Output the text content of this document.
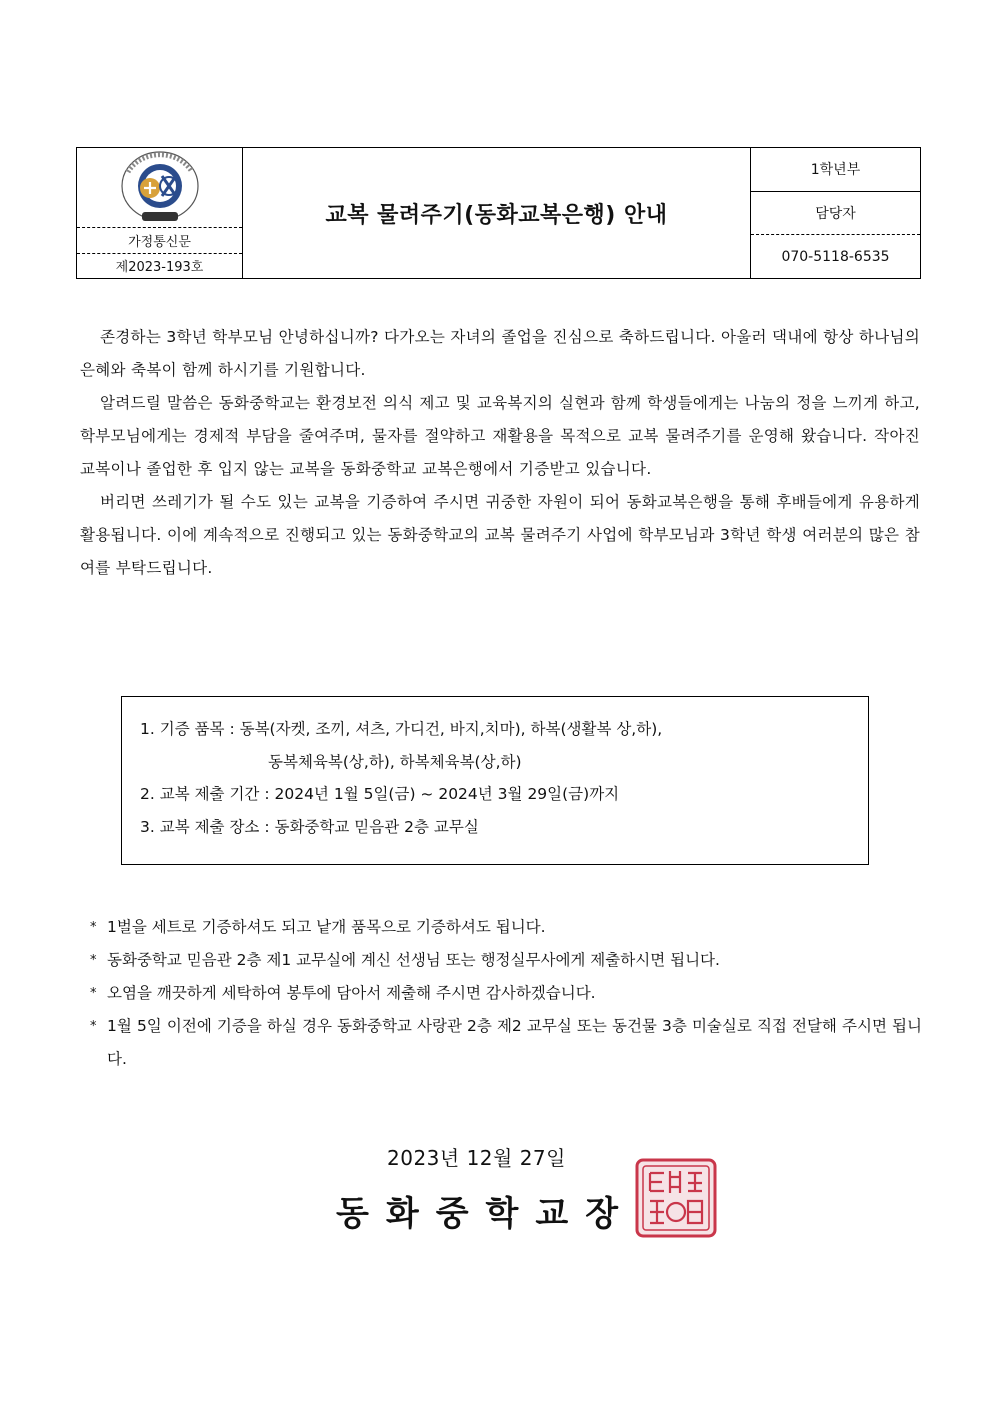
가정통신문
제2023-193호
교복 물려주기(동화교복은행) 안내
1학년부
담당자
070-5118-6535

존경하는 3학년 학부모님 안녕하십니까? 다가오는 자녀의 졸업을 진심으로 축하드립니다. 아울러 댁내에 항상 하나님의 은혜와 축복이 함께 하시기를 기원합니다.

알려드릴 말씀은 동화중학교는 환경보전 의식 제고 및 교육복지의 실현과 함께 학생들에게는 나눔의 정을 느끼게 하고, 학부모님에게는 경제적 부담을 줄여주며, 물자를 절약하고 재활용을 목적으로 교복 물려주기를 운영해 왔습니다. 작아진 교복이나 졸업한 후 입지 않는 교복을 동화중학교 교복은행에서 기증받고 있습니다.

버리면 쓰레기가 될 수도 있는 교복을 기증하여 주시면 귀중한 자원이 되어 동화교복은행을 통해 후배들에게 유용하게 활용됩니다. 이에 계속적으로 진행되고 있는 동화중학교의 교복 물려주기 사업에 학부모님과 3학년 학생 여러분의 많은 참여를 부탁드립니다.

1. 기증 품목 : 동복(자켓, 조끼, 셔츠, 가디건, 바지,치마), 하복(생활복 상,하),
동복체육복(상,하), 하복체육복(상,하)
2. 교복 제출 기간 : 2024년 1월 5일(금) ~ 2024년 3월 29일(금)까지
3. 교복 제출 장소 : 동화중학교 믿음관 2층 교무실
* 1벌을 세트로 기증하셔도 되고 낱개 품목으로 기증하셔도 됩니다.
* 동화중학교 믿음관 2층 제1 교무실에 계신 선생님 또는 행정실무사에게 제출하시면 됩니다.
* 오염을 깨끗하게 세탁하여 봉투에 담아서 제출해 주시면 감사하겠습니다.
* 1월 5일 이전에 기증을 하실 경우 동화중학교 사랑관 2층 제2 교무실 또는 동건물 3층 미술실로 직접 전달해 주시면 됩니다.
2023년 12월 27일
동화중학교장
